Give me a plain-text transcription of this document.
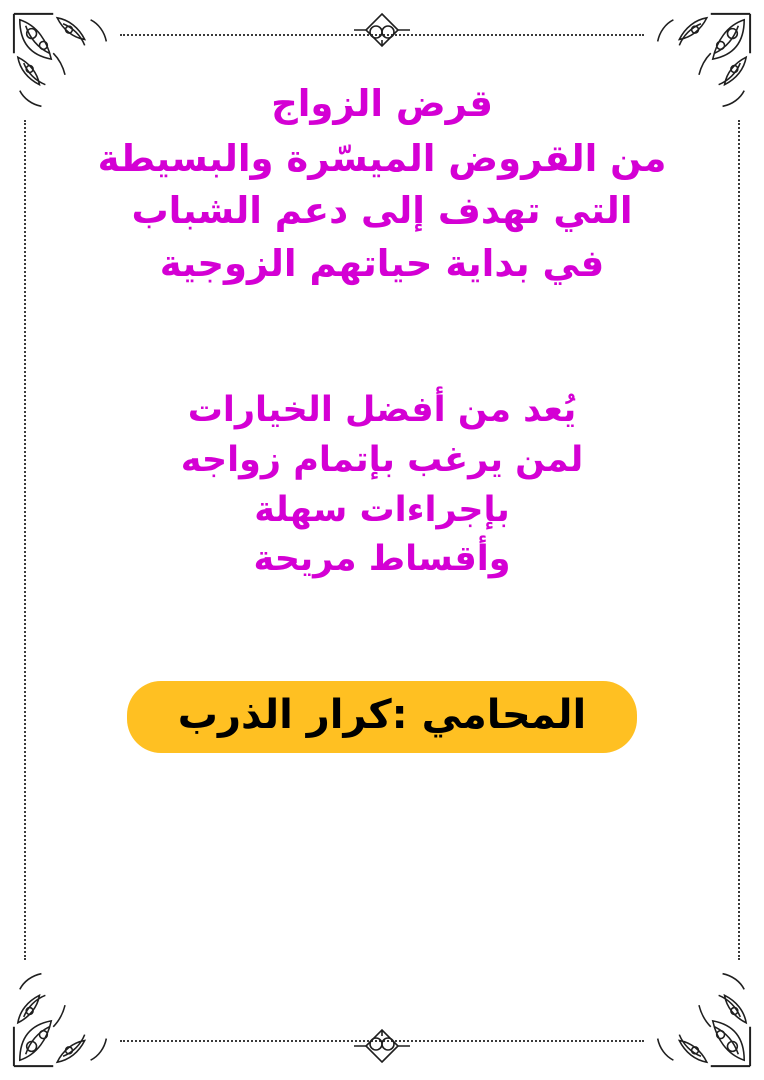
قرض الزواج
من القروض الميسّرة والبسيطة
التي تهدف إلى دعم الشباب
في بداية حياتهم الزوجية
يُعد من أفضل الخيارات
لمن يرغب بإتمام زواجه
بإجراءات سهلة
وأقساط مريحة
المحامي :كرار الذرب
